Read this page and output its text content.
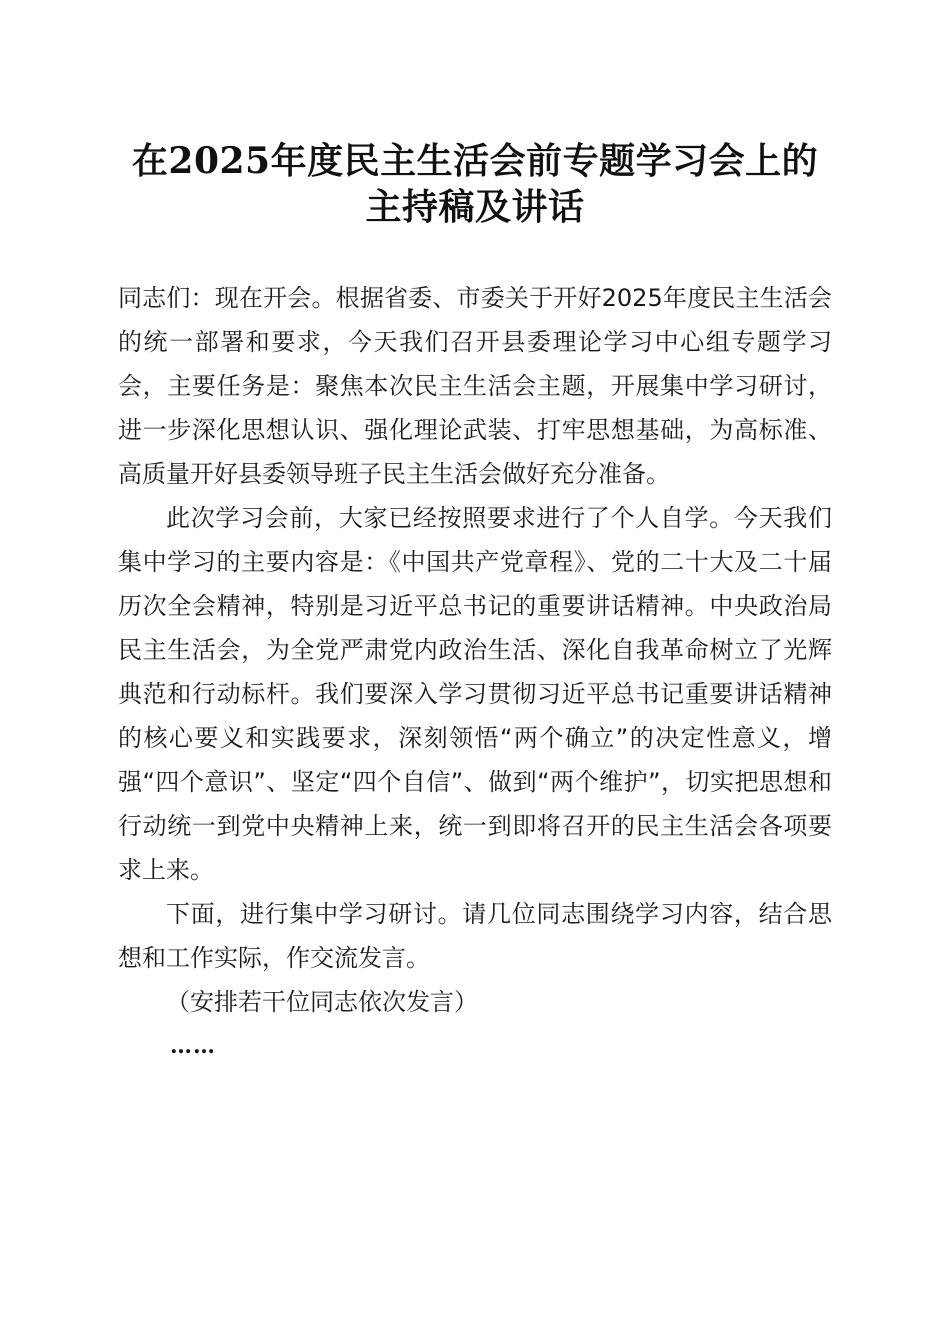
在2025年度民主生活会前专题学习会上的主持稿及讲话

同志们：现在开会。根据省委、市委关于开好2025年度民主生活会的统一部署和要求，今天我们召开县委理论学习中心组专题学习会，主要任务是：聚焦本次民主生活会主题，开展集中学习研讨，进一步深化思想认识、强化理论武装、打牢思想基础，为高标准、高质量开好县委领导班子民主生活会做好充分准备。

此次学习会前，大家已经按照要求进行了个人自学。今天我们集中学习的主要内容是：《中国共产党章程》、党的二十大及二十届历次全会精神，特别是习近平总书记的重要讲话精神。中央政治局民主生活会，为全党严肃党内政治生活、深化自我革命树立了光辉典范和行动标杆。我们要深入学习贯彻习近平总书记重要讲话精神的核心要义和实践要求，深刻领悟“两个确立”的决定性意义，增强“四个意识”、坚定“四个自信”、做到“两个维护”，切实把思想和行动统一到党中央精神上来，统一到即将召开的民主生活会各项要求上来。

下面，进行集中学习研讨。请几位同志围绕学习内容，结合思想和工作实际，作交流发言。

（安排若干位同志依次发言）

……
